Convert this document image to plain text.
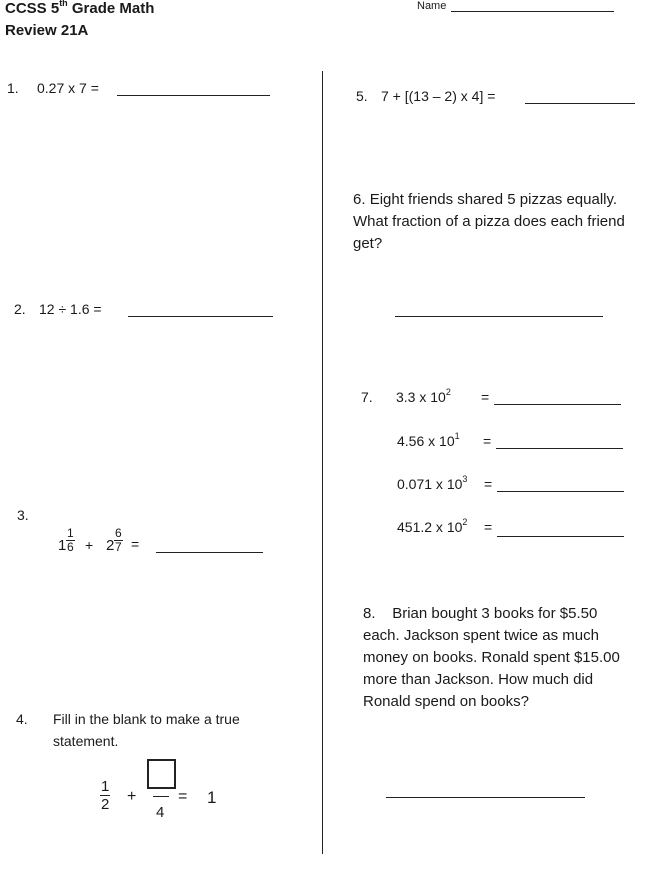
CCSS 5th Grade Math
Review 21A
Name
1. 0.27 x 7 =
2. 12 ÷ 1.6 =
3.
1
1
6 + 2
6
7 =
4. Fill in the blank to make a true statement.
1
2 +
4
= 1
5. 7 + [(13 – 2) x 4] =
6. Eight friends shared 5 pizzas equally. What fraction of a pizza does each friend get?
7. 3.3 x $10^2$ =
4.56 x $10^1$ =
0.071 x $10^3$ =
451.2 x $10^2$ =
8. Brian bought 3 books for $5.50 each. Jackson spent twice as much money on books. Ronald spent $15.00 more than Jackson. How much did Ronald spend on books?
